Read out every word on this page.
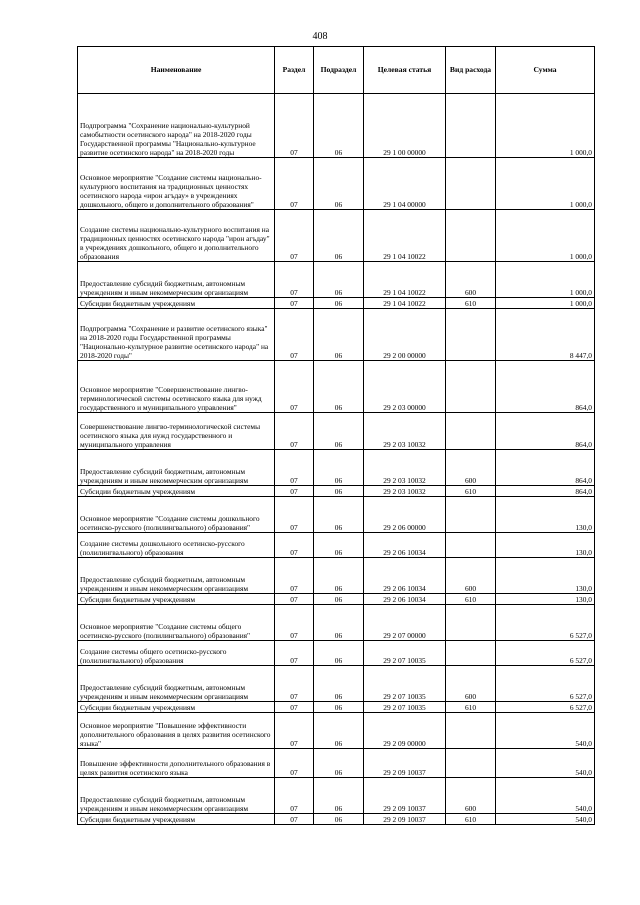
408
Наименование	Раздел	Подраздел	Целевая статья	Вид расхода	Сумма
Подпрограмма "Сохранение национально-культурной самобытности осетинского народа" на 2018-2020 годы Государственной программы "Национально-культурное развитие осетинского народа" на 2018-2020 годы	07	06	29 1 00 00000		1 000,0
Основное мероприятие "Создание системы национально-культурного воспитания на традиционных ценностях осетинского народа «ирон агъдау» в учреждениях дошкольного, общего и дополнительного образования"	07	06	29 1 04 00000		1 000,0
Создание системы национально-культурного воспитания на традиционных ценностях осетинского народа "ирон агъдау" в учреждениях дошкольного, общего и дополнительного образования	07	06	29 1 04 10022		1 000,0
Предоставление субсидий бюджетным, автономным учреждениям и иным некоммерческим организациям	07	06	29 1 04 10022	600	1 000,0
Субсидии бюджетным учреждениям	07	06	29 1 04 10022	610	1 000,0
Подпрограмма "Сохранение и развитие осетинского языка" на 2018-2020 годы Государственной программы "Национально-культурное развитие осетинского народа" на 2018-2020 годы"	07	06	29 2 00 00000		8 447,0
Основное мероприятие "Совершенствование лингво-терминологической системы осетинского языка для нужд государственного и муниципального управления"	07	06	29 2 03 00000		864,0
Совершенствование лингво-терминологической системы осетинского языка для нужд государственного и муниципального управления	07	06	29 2 03 10032		864,0
Предоставление субсидий бюджетным, автономным учреждениям и иным некоммерческим организациям	07	06	29 2 03 10032	600	864,0
Субсидии бюджетным учреждениям	07	06	29 2 03 10032	610	864,0
Основное мероприятие "Создание системы дошкольного осетинско-русского (полилингвального) образования"	07	06	29 2 06 00000		130,0
Создание системы дошкольного осетинско-русского (полилингвального) образования	07	06	29 2 06 10034		130,0
Предоставление субсидий бюджетным, автономным учреждениям и иным некоммерческим организациям	07	06	29 2 06 10034	600	130,0
Субсидии бюджетным учреждениям	07	06	29 2 06 10034	610	130,0
Основное мероприятие "Создание системы общего осетинско-русского (полилингвального) образования"	07	06	29 2 07 00000		6 527,0
Создание системы общего осетинско-русского (полилингвального) образования	07	06	29 2 07 10035		6 527,0
Предоставление субсидий бюджетным, автономным учреждениям и иным некоммерческим организациям	07	06	29 2 07 10035	600	6 527,0
Субсидии бюджетным учреждениям	07	06	29 2 07 10035	610	6 527,0
Основное мероприятие "Повышение эффективности дополнительного образования в целях развития осетинского языка"	07	06	29 2 09 00000		540,0
Повышение эффективности дополнительного образования в целях развития осетинского языка	07	06	29 2 09 10037		540,0
Предоставление субсидий бюджетным, автономным учреждениям и иным некоммерческим организациям	07	06	29 2 09 10037	600	540,0
Субсидии бюджетным учреждениям	07	06	29 2 09 10037	610	540,0
